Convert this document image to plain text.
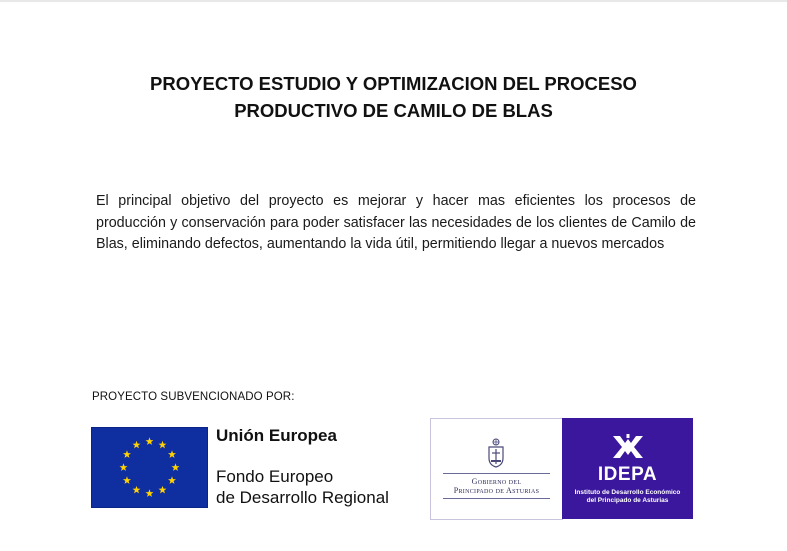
PROYECTO ESTUDIO Y OPTIMIZACION DEL PROCESO
PRODUCTIVO DE CAMILO DE BLAS

El principal objetivo del proyecto es mejorar y hacer mas eficientes los procesos de producción y conservación para poder satisfacer las necesidades de los clientes de Camilo de Blas, eliminando defectos, aumentando la vida útil, permitiendo llegar a nuevos mercados

PROYECTO SUBVENCIONADO POR:
Unión Europea
Fondo Europeo
de Desarrollo Regional
Gobierno del
Principado de Asturias
IDEPA
Instituto de Desarrollo Económico
del Principado de Asturias
